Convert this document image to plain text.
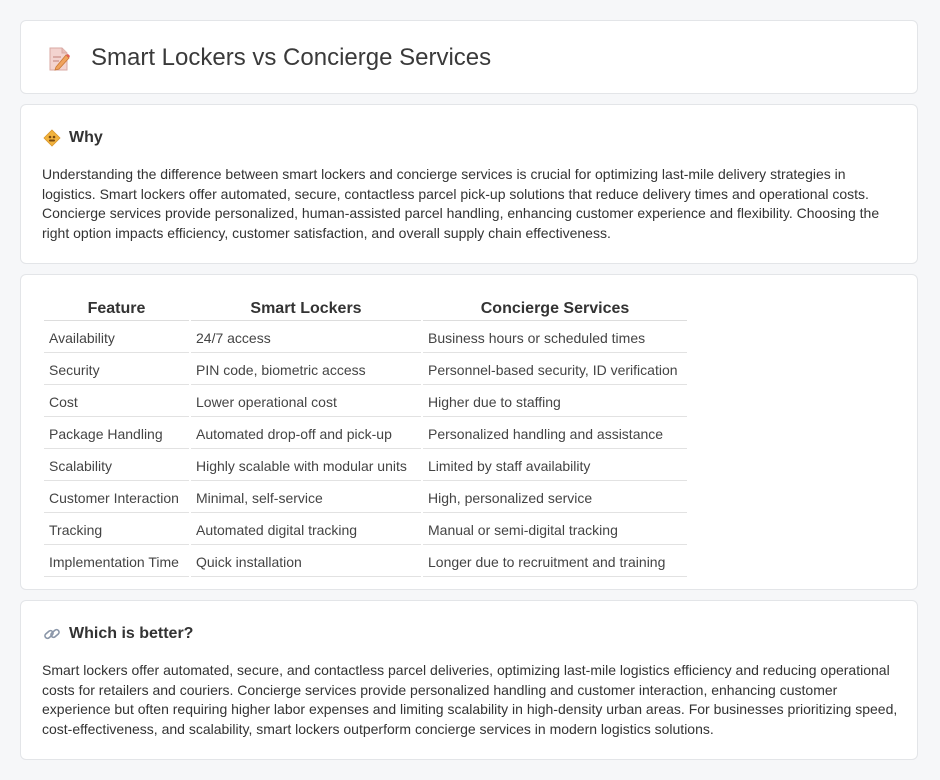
Smart Lockers vs Concierge Services
Why

Understanding the difference between smart lockers and concierge services is crucial for optimizing last-mile delivery strategies in logistics. Smart lockers offer automated, secure, contactless parcel pick-up solutions that reduce delivery times and operational costs. Concierge services provide personalized, human-assisted parcel handling, enhancing customer experience and flexibility. Choosing the right option impacts efficiency, customer satisfaction, and overall supply chain effectiveness.

Feature	Smart Lockers	Concierge Services
Availability	24/7 access	Business hours or scheduled times
Security	PIN code, biometric access	Personnel-based security, ID verification
Cost	Lower operational cost	Higher due to staffing
Package Handling	Automated drop-off and pick-up	Personalized handling and assistance
Scalability	Highly scalable with modular units	Limited by staff availability
Customer Interaction	Minimal, self-service	High, personalized service
Tracking	Automated digital tracking	Manual or semi-digital tracking
Implementation Time	Quick installation	Longer due to recruitment and training
Which is better?

Smart lockers offer automated, secure, and contactless parcel deliveries, optimizing last-mile logistics efficiency and reducing operational costs for retailers and couriers. Concierge services provide personalized handling and customer interaction, enhancing customer experience but often requiring higher labor expenses and limiting scalability in high-density urban areas. For businesses prioritizing speed, cost-effectiveness, and scalability, smart lockers outperform concierge services in modern logistics solutions.
